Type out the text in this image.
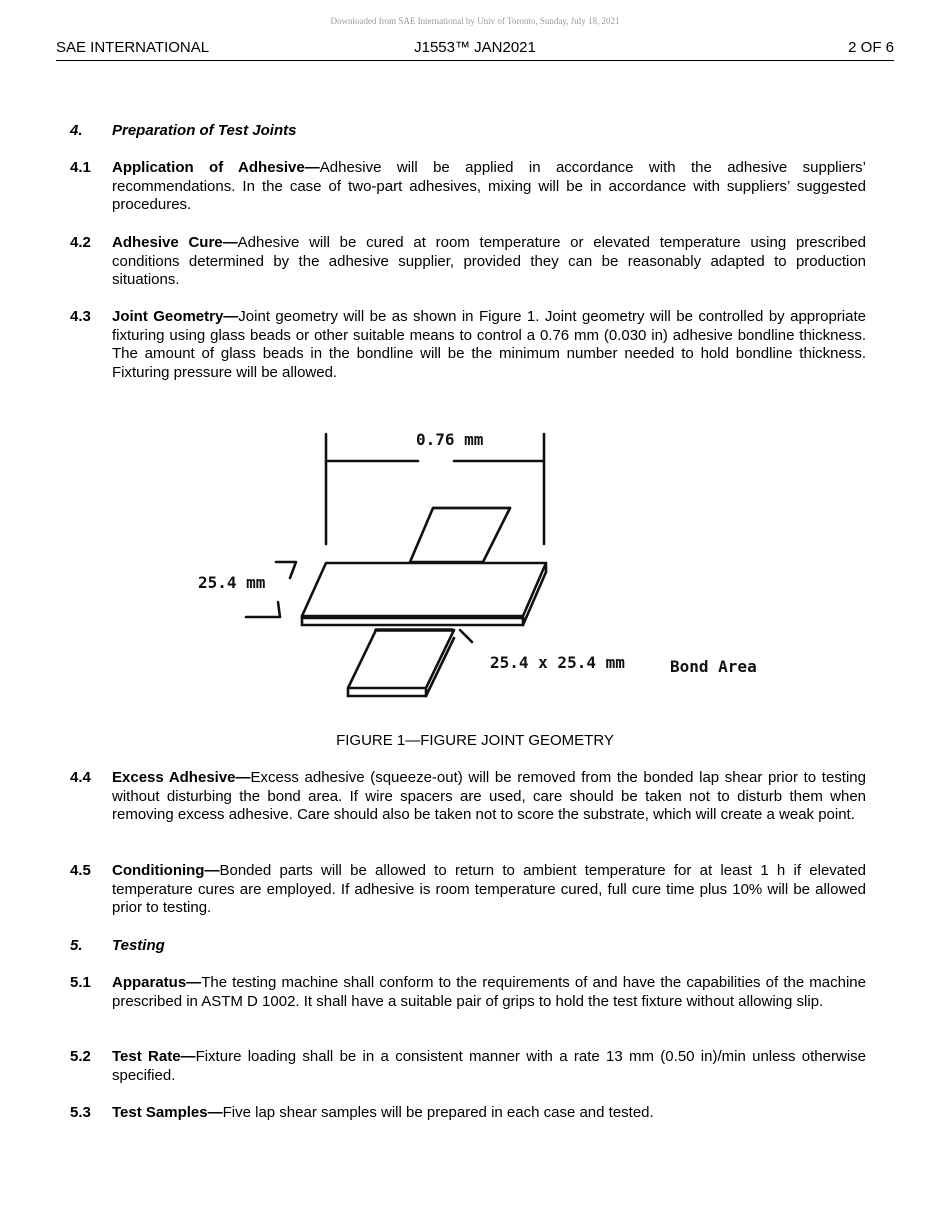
Downloaded from SAE International by Univ of Toronto, Sunday, July 18, 2021
SAE INTERNATIONAL	J1553™ JAN2021	2 OF 6
4. Preparation of Test Joints
4.1 Application of Adhesive—Adhesive will be applied in accordance with the adhesive suppliers’ recommendations. In the case of two-part adhesives, mixing will be in accordance with suppliers’ suggested procedures.
4.2 Adhesive Cure—Adhesive will be cured at room temperature or elevated temperature using prescribed conditions determined by the adhesive supplier, provided they can be reasonably adapted to production situations.
4.3 Joint Geometry—Joint geometry will be as shown in Figure 1. Joint geometry will be controlled by appropriate fixturing using glass beads or other suitable means to control a 0.76 mm (0.030 in) adhesive bondline thickness. The amount of glass beads in the bondline will be the minimum number needed to hold bondline thickness. Fixturing pressure will be allowed.
0.76 mm
25.4 mm
25.4 x 25.4 mm	Bond Area
FIGURE 1—FIGURE JOINT GEOMETRY
4.4 Excess Adhesive—Excess adhesive (squeeze-out) will be removed from the bonded lap shear prior to testing without disturbing the bond area. If wire spacers are used, care should be taken not to disturb them when removing excess adhesive. Care should also be taken not to score the substrate, which will create a weak point.
4.5 Conditioning—Bonded parts will be allowed to return to ambient temperature for at least 1 h if elevated temperature cures are employed. If adhesive is room temperature cured, full cure time plus 10% will be allowed prior to testing.
5. Testing
5.1 Apparatus—The testing machine shall conform to the requirements of and have the capabilities of the machine prescribed in ASTM D 1002. It shall have a suitable pair of grips to hold the test fixture without allowing slip.
5.2 Test Rate—Fixture loading shall be in a consistent manner with a rate 13 mm (0.50 in)/min unless otherwise specified.
5.3 Test Samples—Five lap shear samples will be prepared in each case and tested.
